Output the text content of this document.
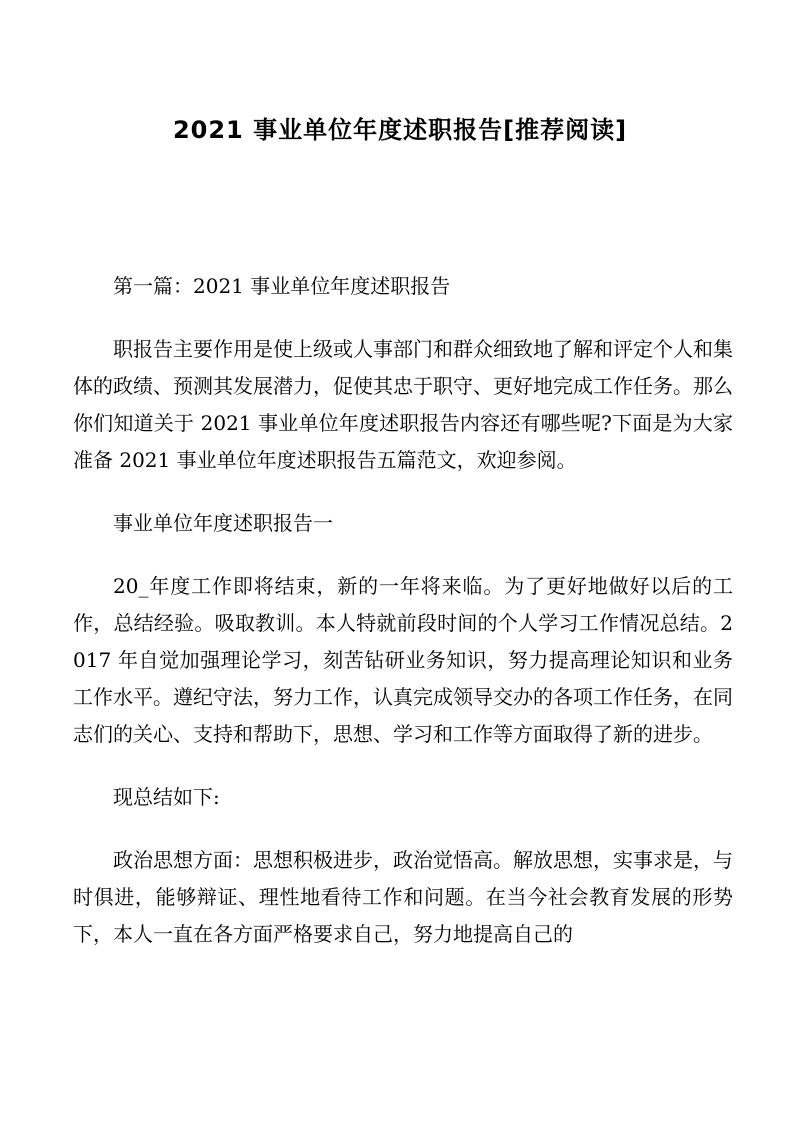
2021 事业单位年度述职报告[推荐阅读]

第一篇：2021 事业单位年度述职报告

职报告主要作用是使上级或人事部门和群众细致地了解和评定个人和集体的政绩、预测其发展潜力，促使其忠于职守、更好地完成工作任务。那么你们知道关于 2021 事业单位年度述职报告内容还有哪些呢?下面是为大家准备 2021 事业单位年度述职报告五篇范文，欢迎参阅。

事业单位年度述职报告一

20_年度工作即将结束，新的一年将来临。为了更好地做好以后的工作，总结经验。吸取教训。本人特就前段时间的个人学习工作情况总结。2017 年自觉加强理论学习，刻苦钻研业务知识，努力提高理论知识和业务工作水平。遵纪守法，努力工作，认真完成领导交办的各项工作任务，在同志们的关心、支持和帮助下，思想、学习和工作等方面取得了新的进步。

现总结如下:

政治思想方面：思想积极进步，政治觉悟高。解放思想，实事求是，与时俱进，能够辩证、理性地看待工作和问题。在当今社会教育发展的形势下，本人一直在各方面严格要求自己，努力地提高自己的
